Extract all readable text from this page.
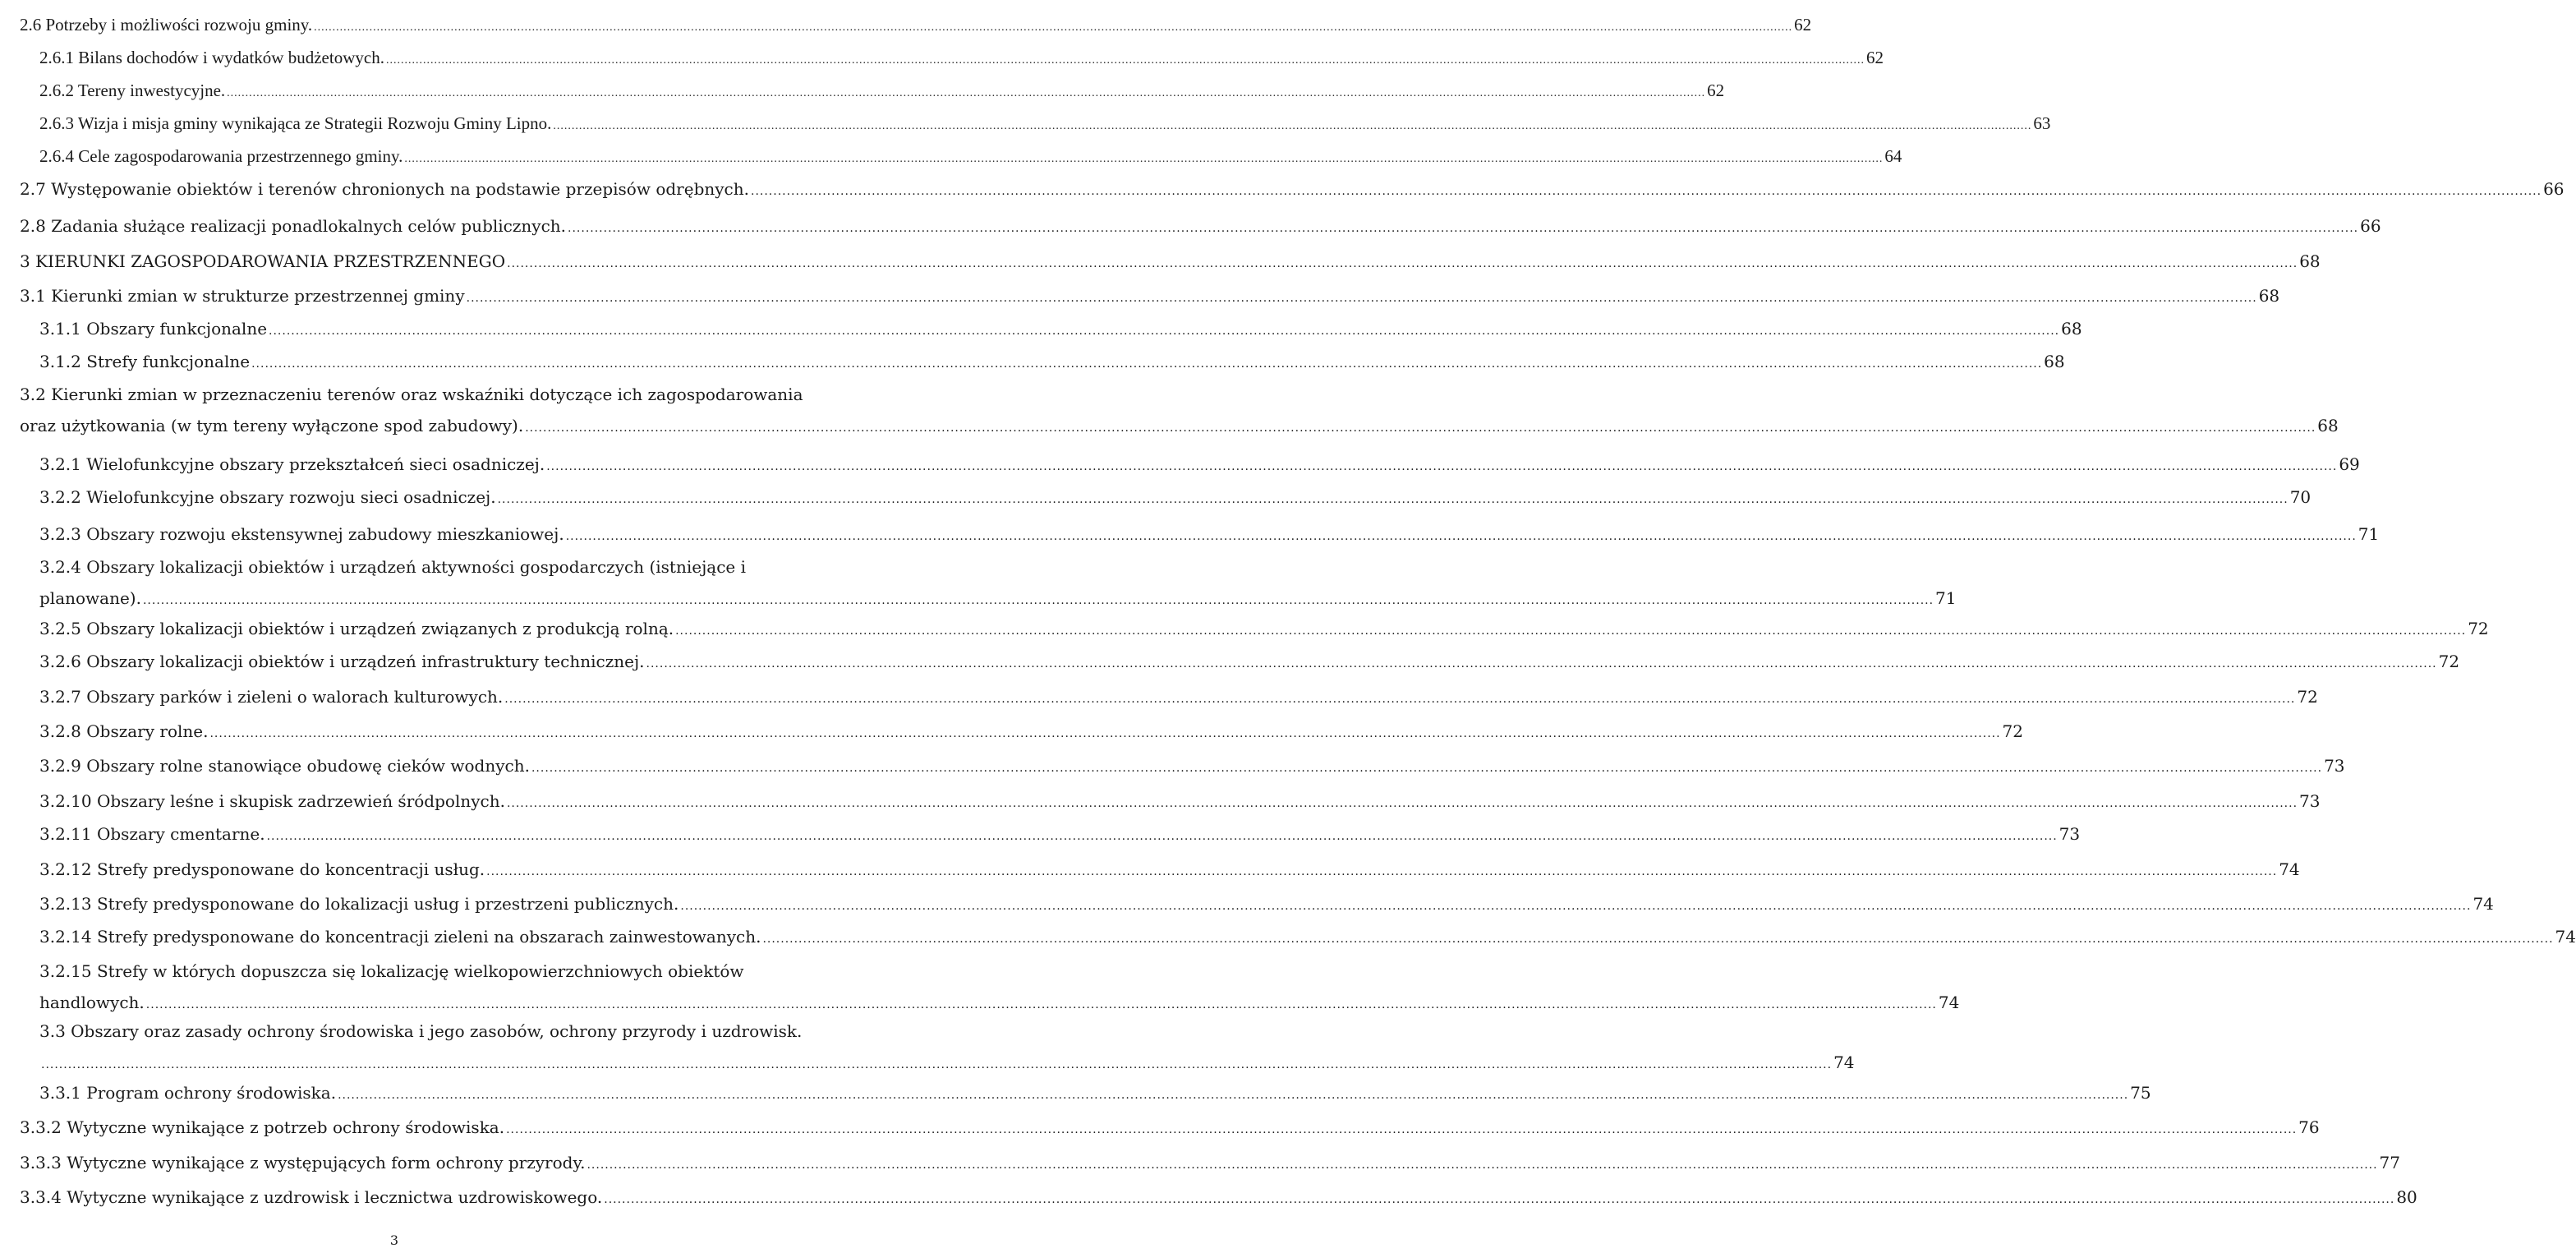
2.6 Potrzeby i możliwości rozwoju gminy. ................................................................................................................................................................................................................................................................................................................................................................................................................ 62
2.6.1 Bilans dochodów i wydatków budżetowych. ................................................................................................................................................................................................................................................................................................................................................................................................................ 62
2.6.2 Tereny inwestycyjne. ................................................................................................................................................................................................................................................................................................................................................................................................................ 62
2.6.3 Wizja i misja gminy wynikająca ze Strategii Rozwoju Gminy Lipno. ................................................................................................................................................................................................................................................................................................................................................................................................................ 63
2.6.4 Cele zagospodarowania przestrzennego gminy. ................................................................................................................................................................................................................................................................................................................................................................................................................ 64
2.7 Występowanie obiektów i terenów chronionych na podstawie przepisów odrębnych. ................................................................................................................................................................................................................................................................................................................................................................................................................ 66
2.8 Zadania służące realizacji ponadlokalnych celów publicznych. ................................................................................................................................................................................................................................................................................................................................................................................................................ 66
3 KIERUNKI ZAGOSPODAROWANIA PRZESTRZENNEGO ................................................................................................................................................................................................................................................................................................................................................................................................................ 68
3.1 Kierunki zmian w strukturze przestrzennej gminy ................................................................................................................................................................................................................................................................................................................................................................................................................ 68
3.1.1 Obszary funkcjonalne ................................................................................................................................................................................................................................................................................................................................................................................................................ 68
3.1.2 Strefy funkcjonalne ................................................................................................................................................................................................................................................................................................................................................................................................................ 68
3.2 Kierunki zmian w przeznaczeniu terenów oraz wskaźniki dotyczące ich zagospodarowania
oraz użytkowania (w tym tereny wyłączone spod zabudowy). ................................................................................................................................................................................................................................................................................................................................................................................................................ 68
3.2.1 Wielofunkcyjne obszary przekształceń sieci osadniczej. ................................................................................................................................................................................................................................................................................................................................................................................................................ 69
3.2.2 Wielofunkcyjne obszary rozwoju sieci osadniczej. ................................................................................................................................................................................................................................................................................................................................................................................................................ 70
3.2.3 Obszary rozwoju ekstensywnej zabudowy mieszkaniowej. ................................................................................................................................................................................................................................................................................................................................................................................................................ 71
3.2.4 Obszary lokalizacji obiektów i urządzeń aktywności gospodarczych (istniejące i
planowane). ................................................................................................................................................................................................................................................................................................................................................................................................................ 71
3.2.5 Obszary lokalizacji obiektów i urządzeń związanych z produkcją rolną. ................................................................................................................................................................................................................................................................................................................................................................................................................ 72
3.2.6 Obszary lokalizacji obiektów i urządzeń infrastruktury technicznej. ................................................................................................................................................................................................................................................................................................................................................................................................................ 72
3.2.7 Obszary parków i zieleni o walorach kulturowych. ................................................................................................................................................................................................................................................................................................................................................................................................................ 72
3.2.8 Obszary rolne. ................................................................................................................................................................................................................................................................................................................................................................................................................ 72
3.2.9 Obszary rolne stanowiące obudowę cieków wodnych. ................................................................................................................................................................................................................................................................................................................................................................................................................ 73
3.2.10 Obszary leśne i skupisk zadrzewień śródpolnych. ................................................................................................................................................................................................................................................................................................................................................................................................................ 73
3.2.11 Obszary cmentarne. ................................................................................................................................................................................................................................................................................................................................................................................................................ 73
3.2.12 Strefy predysponowane do koncentracji usług. ................................................................................................................................................................................................................................................................................................................................................................................................................ 74
3.2.13 Strefy predysponowane do lokalizacji usług i przestrzeni publicznych. ................................................................................................................................................................................................................................................................................................................................................................................................................ 74
3.2.14 Strefy predysponowane do koncentracji zieleni na obszarach zainwestowanych. ................................................................................................................................................................................................................................................................................................................................................................................................................ 74
3.2.15 Strefy w których dopuszcza się lokalizację wielkopowierzchniowych obiektów
handlowych. ................................................................................................................................................................................................................................................................................................................................................................................................................ 74
3.3 Obszary oraz zasady ochrony środowiska i jego zasobów, ochrony przyrody i uzdrowisk.
................................................................................................................................................................................................................................................................................................................................................................................................................ 74
3.3.1 Program ochrony środowiska. ................................................................................................................................................................................................................................................................................................................................................................................................................ 75
3.3.2 Wytyczne wynikające z potrzeb ochrony środowiska. ................................................................................................................................................................................................................................................................................................................................................................................................................ 76
3.3.3 Wytyczne wynikające z występujących form ochrony przyrody. ................................................................................................................................................................................................................................................................................................................................................................................................................ 77
3.3.4 Wytyczne wynikające z uzdrowisk i lecznictwa uzdrowiskowego. ................................................................................................................................................................................................................................................................................................................................................................................................................ 80
3
